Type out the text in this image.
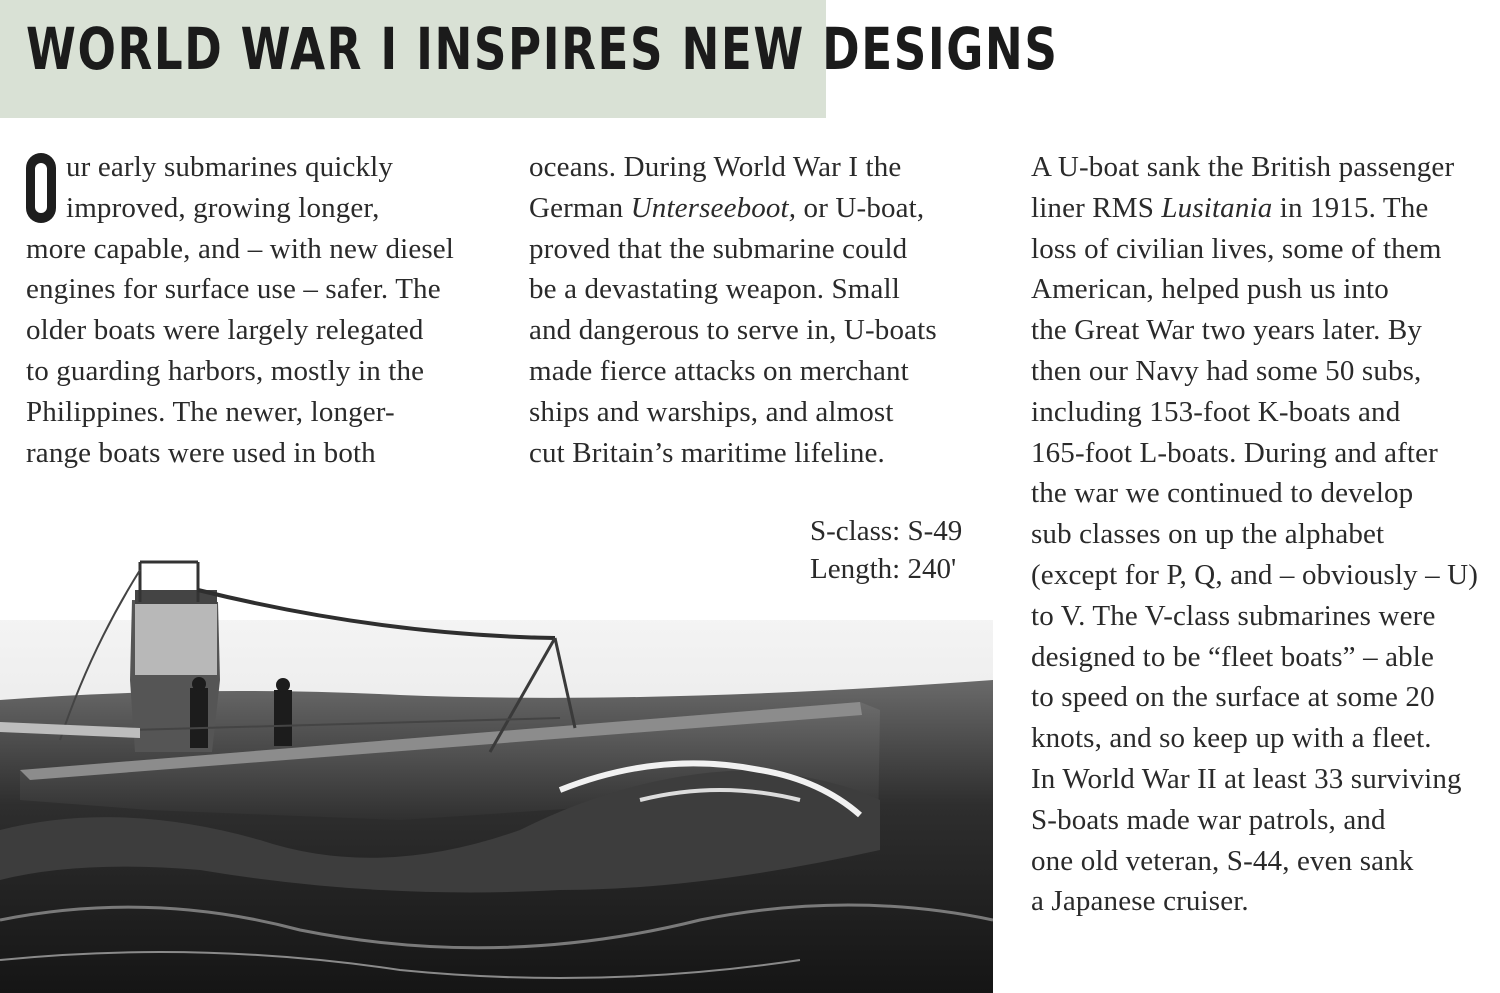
WORLD WAR I INSPIRES NEW DESIGNS
S-class: S-49
Length: 240'
O	ur early submarines quickly
improved, growing longer,
more capable, and – with new diesel
engines for surface use – safer. The
older boats were largely relegated
to guarding harbors, mostly in the
Philippines. The newer, longer-
range boats were used in both
oceans. During World War I the
German Unterseeboot, or U-boat,
proved that the submarine could
be a devastating weapon. Small
and dangerous to serve in, U-boats
made fierce attacks on merchant
ships and warships, and almost
cut Britain’s maritime lifeline.
A U-boat sank the British passenger
liner RMS Lusitania in 1915. The
loss of civilian lives, some of them
American, helped push us into
the Great War two years later. By
then our Navy had some 50 subs,
including 153-foot K-boats and
165-foot L-boats. During and after
the war we continued to develop
sub classes on up the alphabet
(except for P, Q, and – obviously – U)
to V. The V-class submarines were
designed to be “fleet boats” – able
to speed on the surface at some 20
knots, and so keep up with a fleet.
In World War II at least 33 surviving
S-boats made war patrols, and
one old veteran, S-44, even sank
a Japanese cruiser.
